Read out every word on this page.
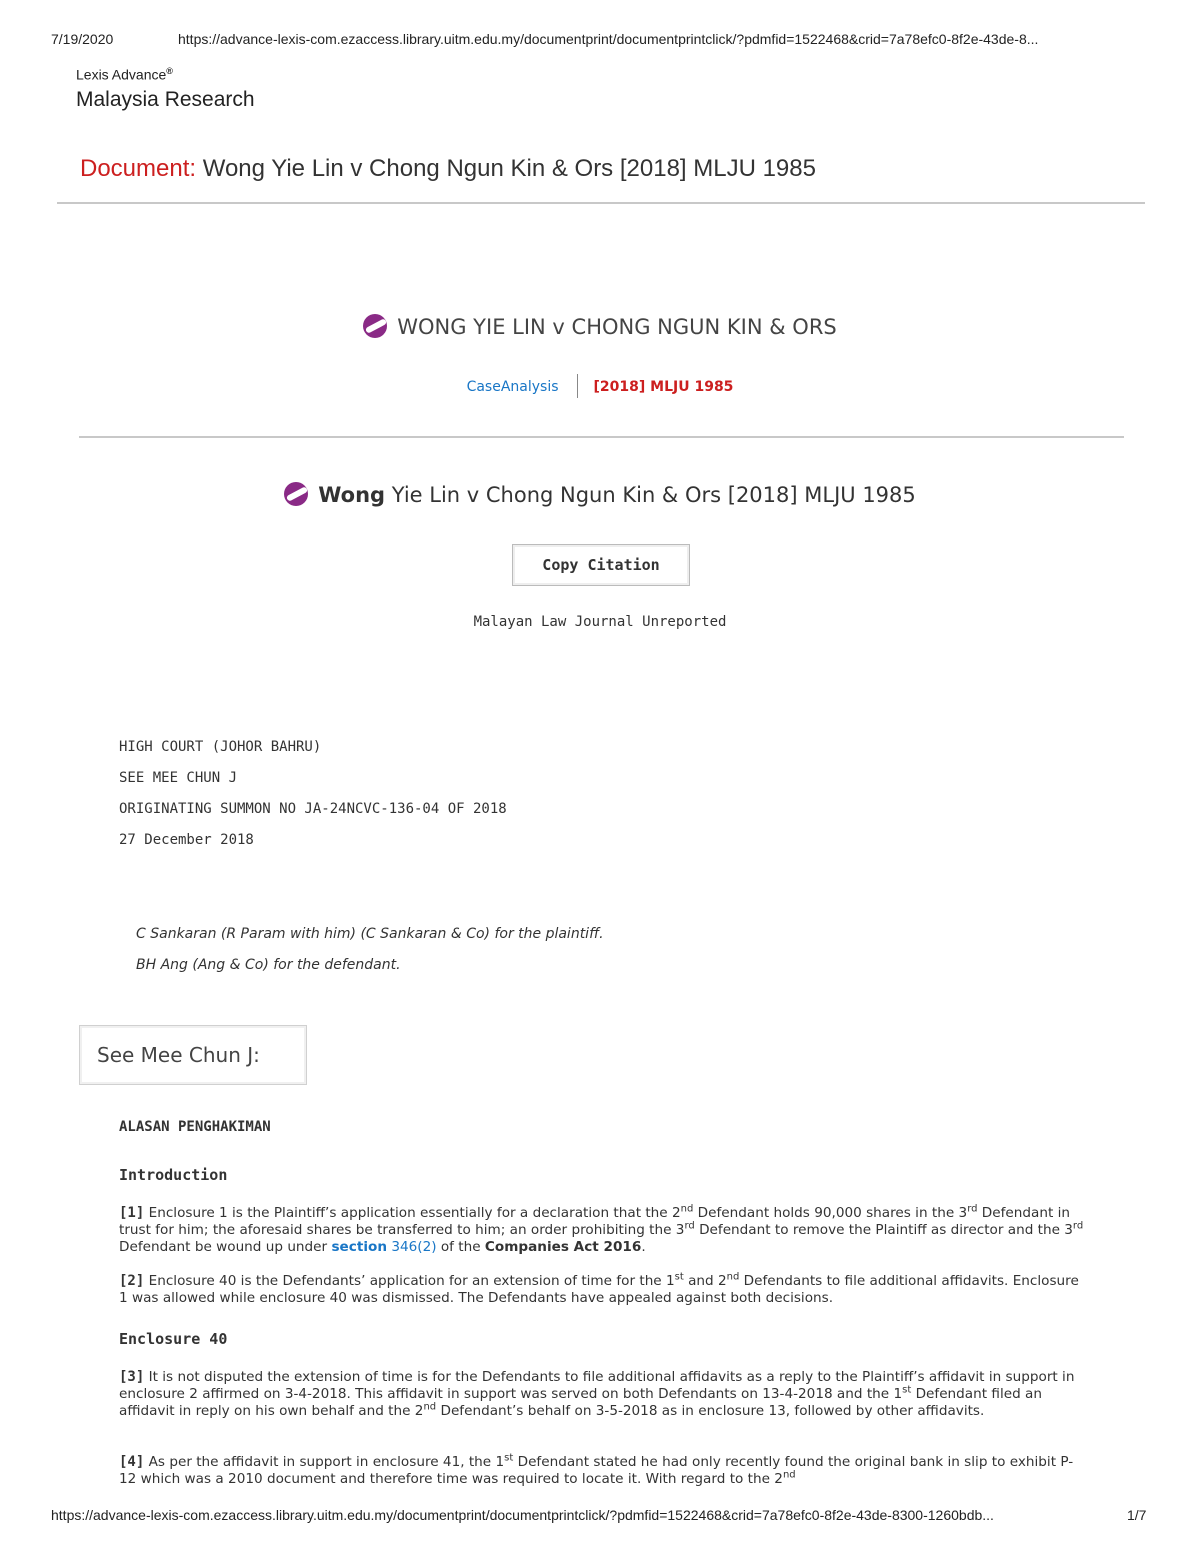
7/19/2020	https://advance-lexis-com.ezaccess.library.uitm.edu.my/documentprint/documentprintclick/?pdmfid=1522468&crid=7a78efc0-8f2e-43de-8...
Lexis Advance®
Malaysia Research
Document: Wong Yie Lin v Chong Ngun Kin & Ors [2018] MLJU 1985
WONG YIE LIN v CHONG NGUN KIN & ORS
CaseAnalysis	[2018] MLJU 1985
Wong Yie Lin v Chong Ngun Kin & Ors [2018] MLJU 1985
Copy Citation
Malayan Law Journal Unreported
HIGH COURT (JOHOR BAHRU)
SEE MEE CHUN J
ORIGINATING SUMMON NO JA-24NCVC-136-04 OF 2018
27 December 2018
C Sankaran (R Param with him) (C Sankaran & Co) for the plaintiff.
BH Ang (Ang & Co) for the defendant.
See Mee Chun J:
ALASAN PENGHAKIMAN
Introduction
[1] Enclosure 1 is the Plaintiff’s application essentially for a declaration that the 2nd Defendant holds 90,000 shares in the 3rd Defendant in trust for him; the aforesaid shares be transferred to him; an order prohibiting the 3rd Defendant to remove the Plaintiff as director and the 3rd Defendant be wound up under section 346(2) of the Companies Act 2016.
[2] Enclosure 40 is the Defendants’ application for an extension of time for the 1st and 2nd Defendants to file additional affidavits. Enclosure 1 was allowed while enclosure 40 was dismissed. The Defendants have appealed against both decisions.
Enclosure 40
[3] It is not disputed the extension of time is for the Defendants to file additional affidavits as a reply to the Plaintiff’s affidavit in support in enclosure 2 affirmed on 3-4-2018. This affidavit in support was served on both Defendants on 13-4-2018 and the 1st Defendant filed an affidavit in reply on his own behalf and the 2nd Defendant’s behalf on 3-5-2018 as in enclosure 13, followed by other affidavits.
[4] As per the affidavit in support in enclosure 41, the 1st Defendant stated he had only recently found the original bank in slip to exhibit P-12 which was a 2010 document and therefore time was required to locate it. With regard to the 2nd
https://advance-lexis-com.ezaccess.library.uitm.edu.my/documentprint/documentprintclick/?pdmfid=1522468&crid=7a78efc0-8f2e-43de-8300-1260bdb...	1/7
